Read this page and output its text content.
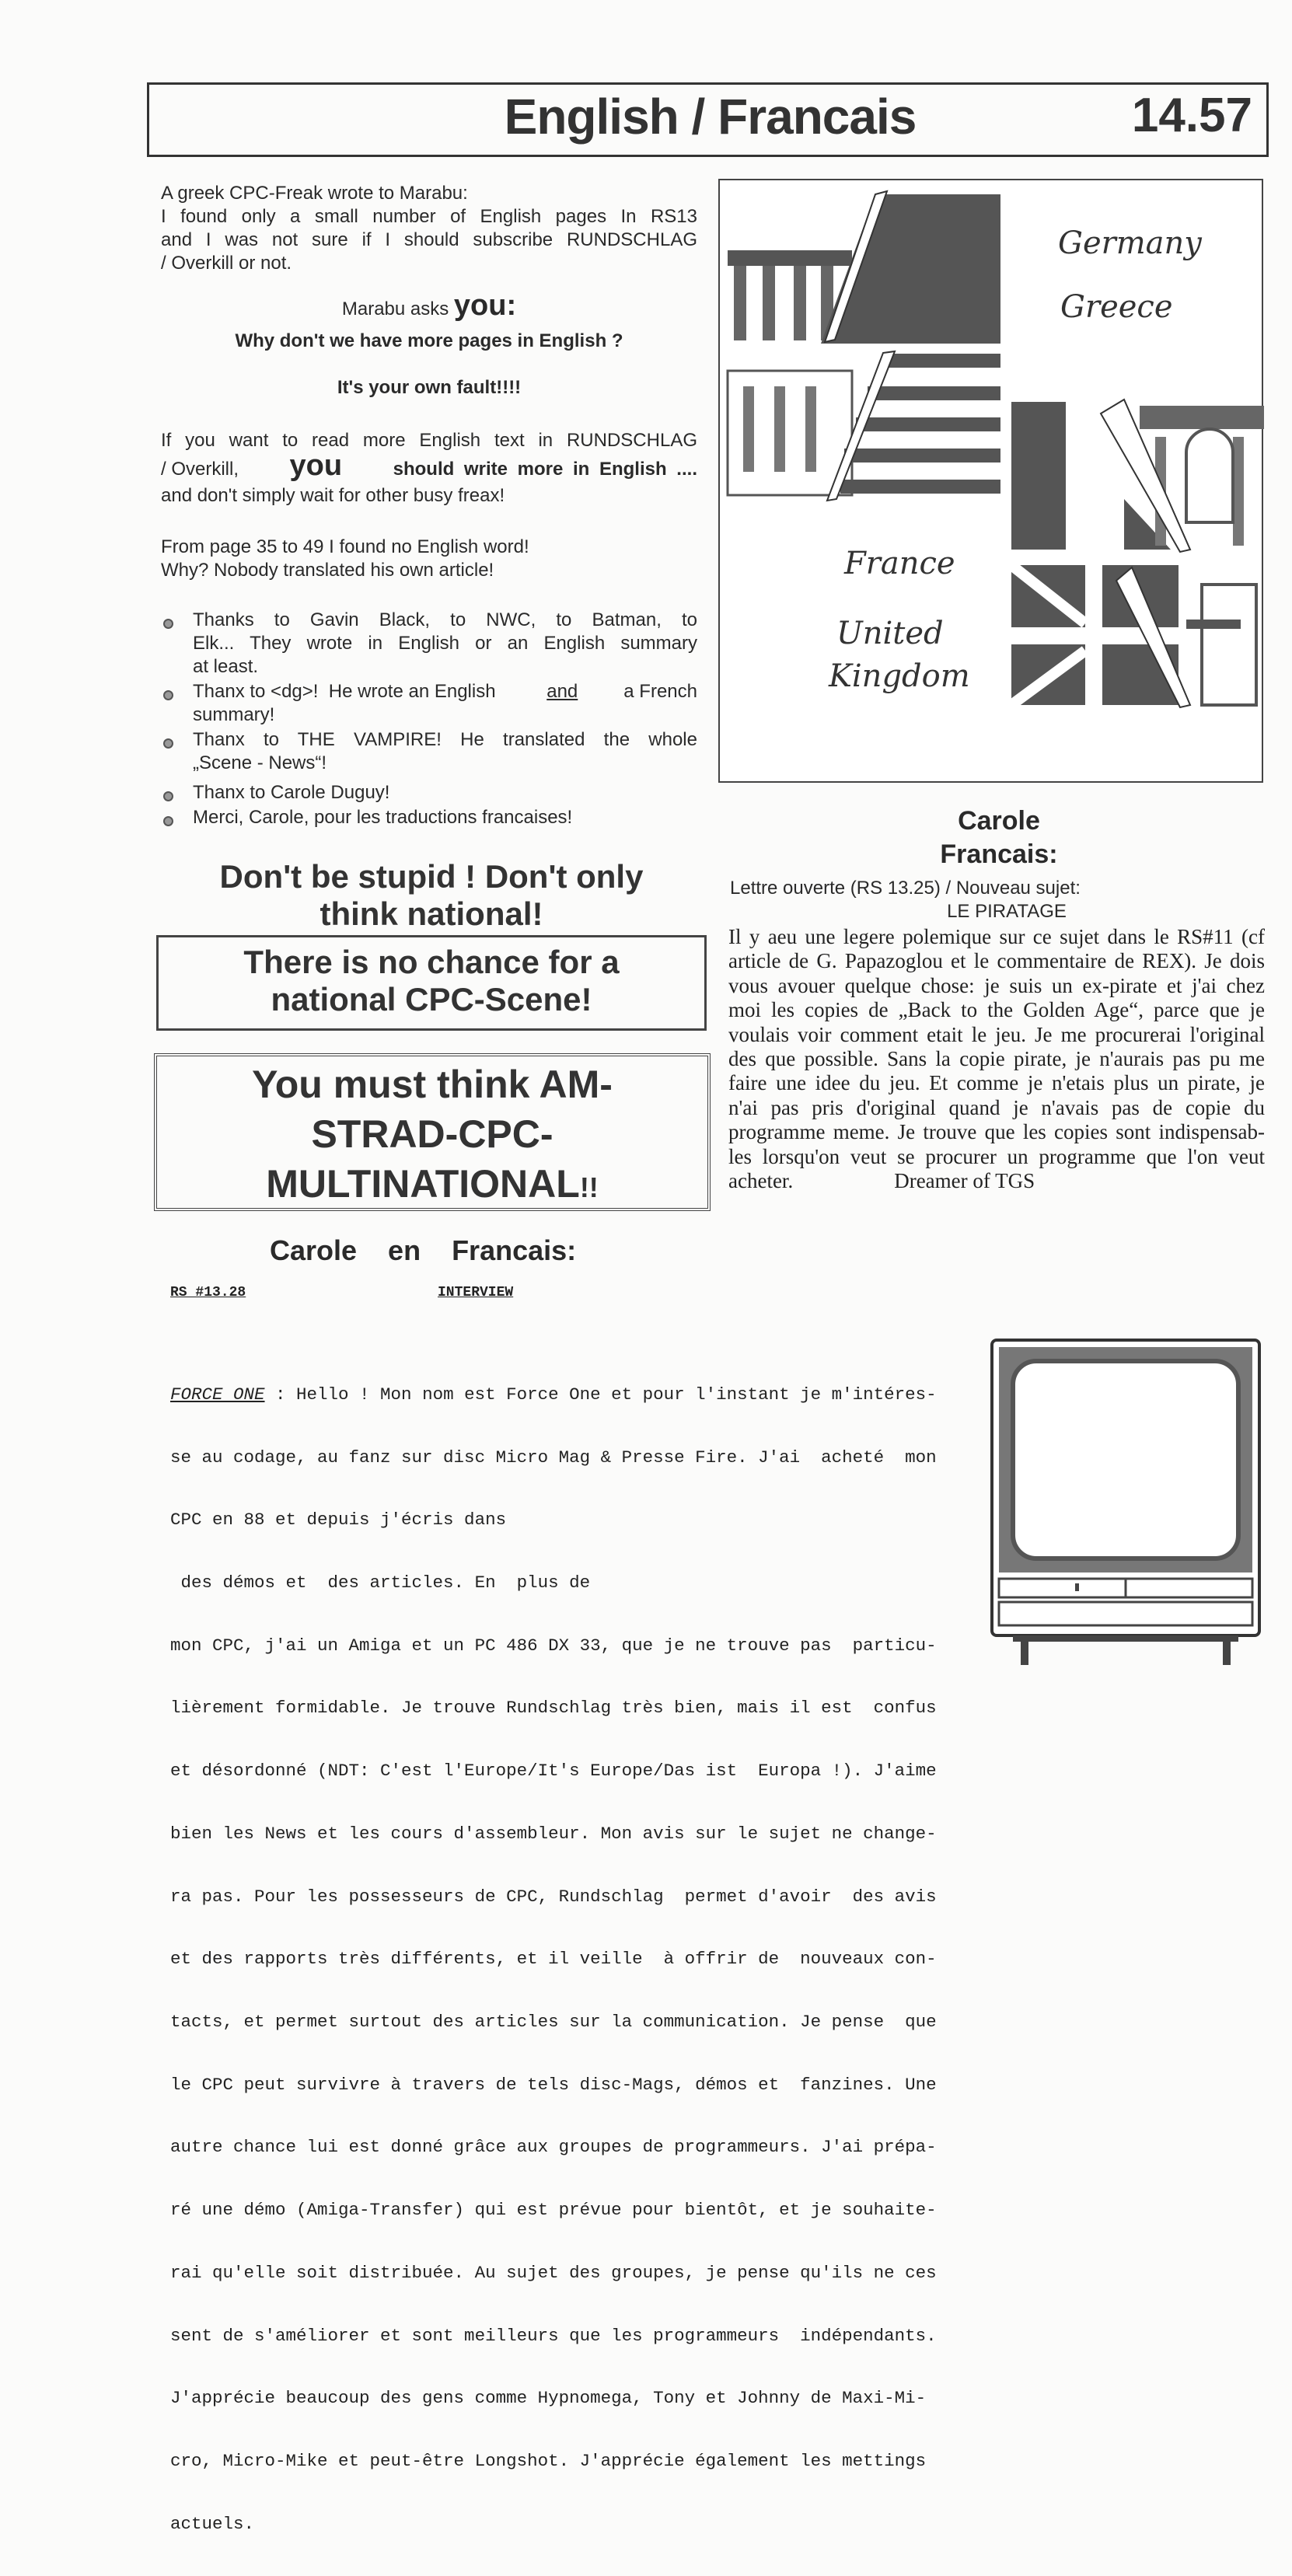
English / Francais	14.57
A greek CPC-Freak wrote to Marabu:
I found only a small number of English pages In RS13
and I was not sure if I should subscribe RUNDSCHLAG
/ Overkill or not.
Marabu asks you:
Why don't we have more pages in English ?
It's your own fault!!!!
If you want to read more English text in RUNDSCHLAG
/ Overkill, you	should write more in English ....
and don't simply wait for other busy freax!
From page 35 to 49 I found no English word!
Why? Nobody translated his own article!
Thanks to Gavin Black, to NWC, to Batman, to
Elk... They wrote in English or an English summary
at least.
Thanx to <dg>!  He wrote an English and a French
summary!
Thanx to THE VAMPIRE! He translated the whole
„Scene - News“!
Thanx to Carole Duguy!
Merci, Carole, pour les traductions francaises!
Don't be stupid ! Don't only
think national!
There is no chance for a
national CPC-Scene!
You must think AM-
STRAD-CPC-
MULTINATIONAL!!
Germany
Greece
France
United
Kingdom
Carole
Francais:
Lettre ouverte (RS 13.25) / Nouveau sujet:
LE PIRATAGE
Il y aeu une legere polemique sur ce sujet dans le RS#11 (cf
article de G. Papazoglou et le commentaire de REX). Je dois
vous avouer quelque chose: je suis un ex-pirate et j'ai chez
moi les copies de „Back to the Golden Age“, parce que je
voulais voir comment etait le jeu. Je me procurerai l'original
des que possible. Sans la copie pirate, je n'aurais pas pu me
faire une idee du jeu. Et comme je n'etais plus un pirate, je
n'ai pas pris d'original quand je n'avais pas de copie du
programme meme. Je trouve que les copies sont indispensab-
les lorsqu'on veut se procurer un programme que l'on veut
acheter.	Dreamer of TGS
Carole    en    Francais:
RS #13.28	INTERVIEW

FORCE ONE : Hello ! Mon nom est Force One et pour l'instant je m'intéres-

se au codage, au fanz sur disc Micro Mag & Presse Fire. J'ai  acheté  mon

CPC en 88 et depuis j'écris dans

des démos et  des articles. En  plus de

mon CPC, j'ai un Amiga et un PC 486 DX 33, que je ne trouve pas  particu-

lièrement formidable. Je trouve Rundschlag très bien, mais il est  confus

et désordonné (NDT: C'est l'Europe/It's Europe/Das ist  Europa !). J'aime

bien les News et les cours d'assembleur. Mon avis sur le sujet ne change-

ra pas. Pour les possesseurs de CPC, Rundschlag  permet d'avoir  des avis

et des rapports très différents, et il veille  à offrir de  nouveaux con-

tacts, et permet surtout des articles sur la communication. Je pense  que

le CPC peut survivre à travers de tels disc-Mags, démos et  fanzines. Une

autre chance lui est donné grâce aux groupes de programmeurs. J'ai prépa-

ré une démo (Amiga-Transfer) qui est prévue pour bientôt, et je souhaite-

rai qu'elle soit distribuée. Au sujet des groupes, je pense qu'ils ne ces

sent de s'améliorer et sont meilleurs que les programmeurs  indépendants.

J'apprécie beaucoup des gens comme Hypnomega, Tony et Johnny de Maxi-Mi-

cro, Micro-Mike et peut-être Longshot. J'apprécie également les mettings

actuels.
